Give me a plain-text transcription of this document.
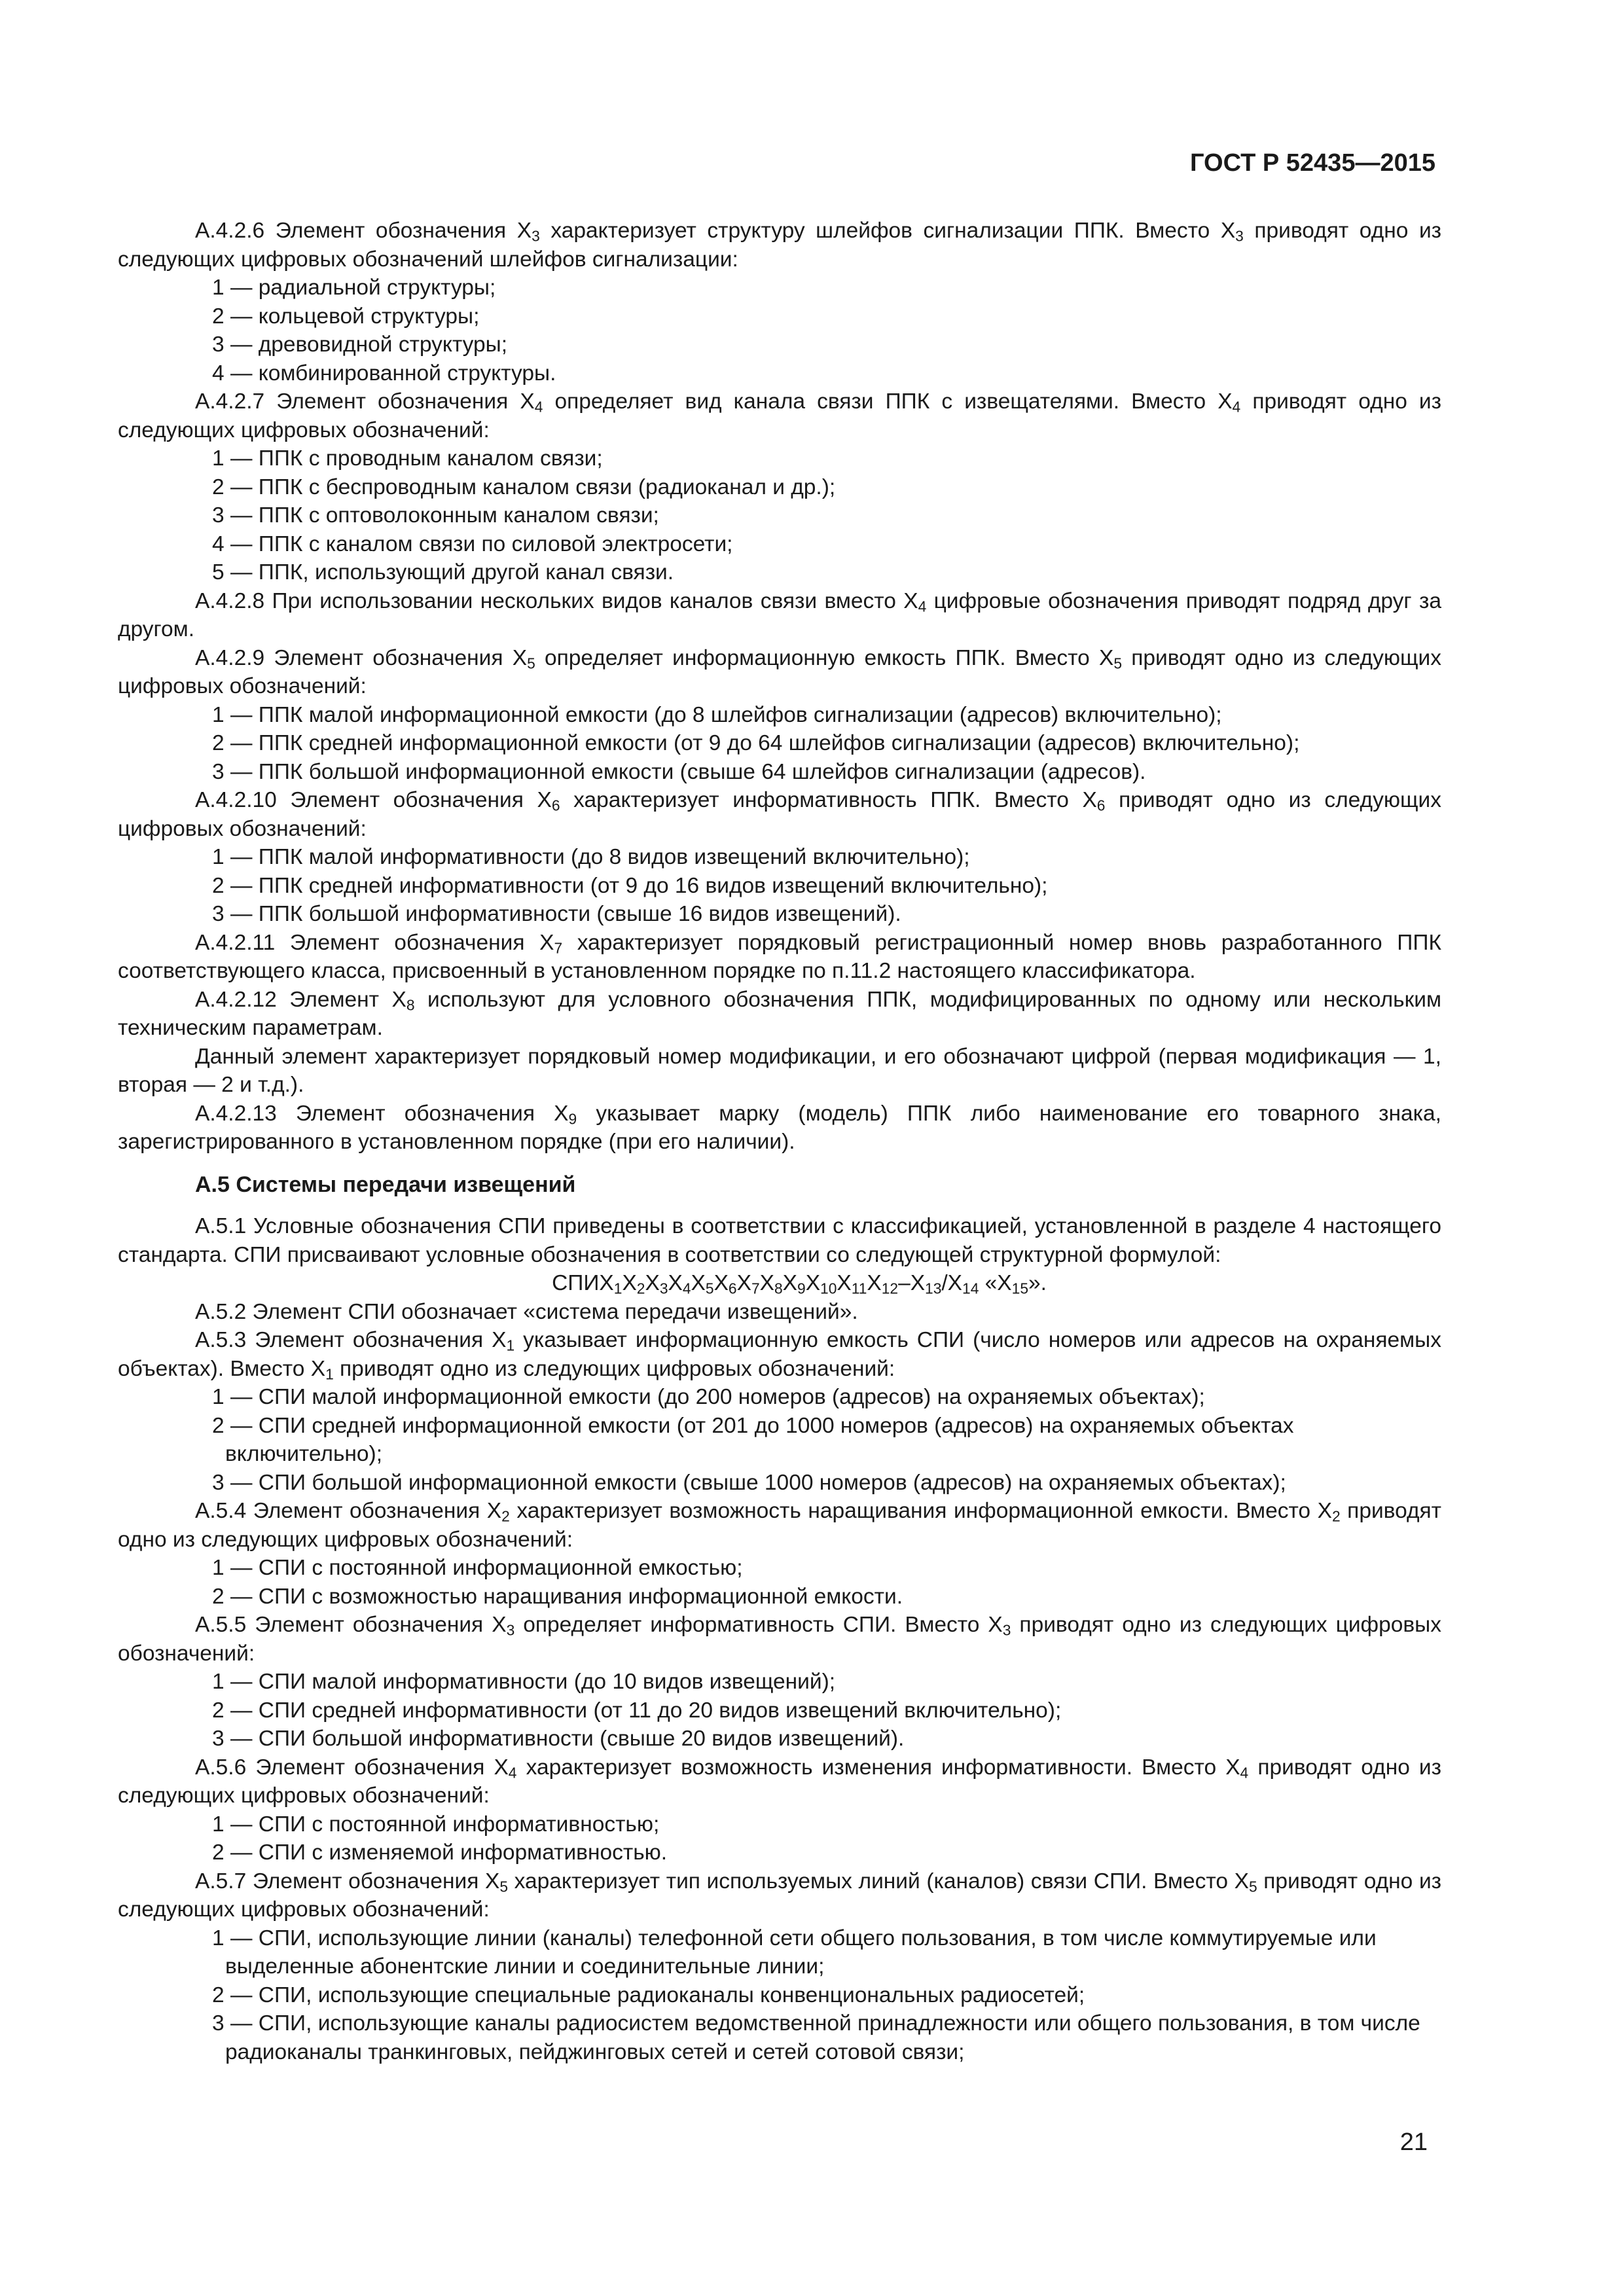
ГОСТ Р 52435—2015
А.4.2.6 Элемент обозначения $X_3$ характеризует структуру шлейфов сигнализации ППК. Вместо $X_3$ приводят одно из следующих цифровых обозначений шлейфов сигнализации:
1 — радиальной структуры;
2 — кольцевой структуры;
3 — древовидной структуры;
4 — комбинированной структуры.
А.4.2.7 Элемент обозначения $X_4$ определяет вид канала связи ППК с извещателями. Вместо $X_4$ приводят одно из следующих цифровых обозначений:
1 — ППК с проводным каналом связи;
2 — ППК с беспроводным каналом связи (радиоканал и др.);
3 — ППК с оптоволоконным каналом связи;
4 — ППК с каналом связи по силовой электросети;
5 — ППК, использующий другой канал связи.
А.4.2.8 При использовании нескольких видов каналов связи вместо $X_4$ цифровые обозначения приводят подряд друг за другом.
А.4.2.9 Элемент обозначения $X_5$ определяет информационную емкость ППК. Вместо $X_5$ приводят одно из следующих цифровых обозначений:
1 — ППК малой информационной емкости (до 8 шлейфов сигнализации (адресов) включительно);
2 — ППК средней информационной емкости (от 9 до 64 шлейфов сигнализации (адресов) включительно);
3 — ППК большой информационной емкости (свыше 64 шлейфов сигнализации (адресов).
А.4.2.10 Элемент обозначения $X_6$ характеризует информативность ППК. Вместо $X_6$ приводят одно из следующих цифровых обозначений:
1 — ППК малой информативности (до 8 видов извещений включительно);
2 — ППК средней информативности (от 9 до 16 видов извещений включительно);
3 — ППК большой информативности (свыше 16 видов извещений).
А.4.2.11 Элемент обозначения $X_7$ характеризует порядковый регистрационный номер вновь разработанного ППК соответствующего класса, присвоенный в установленном порядке по п.11.2 настоящего классификатора.
А.4.2.12 Элемент $X_8$ используют для условного обозначения ППК, модифицированных по одному или нескольким техническим параметрам.
Данный элемент характеризует порядковый номер модификации, и его обозначают цифрой (первая модификация — 1, вторая — 2 и т.д.).
А.4.2.13 Элемент обозначения $X_9$ указывает марку (модель) ППК либо наименование его товарного знака, зарегистрированного в установленном порядке (при его наличии).
А.5 Системы передачи извещений
А.5.1 Условные обозначения СПИ приведены в соответствии с классификацией, установленной в разделе 4 настоящего стандарта. СПИ присваивают условные обозначения в соответствии со следующей структурной формулой:
$СПИX_1X_2X_3X_4X_5X_6X_7X_8X_9X_{10}X_{11}X_{12}-X_{13}/X_{14}$ «$X_{15}$».
А.5.2 Элемент СПИ обозначает «система передачи извещений».
А.5.3 Элемент обозначения $X_1$ указывает информационную емкость СПИ (число номеров или адресов на охраняемых объектах). Вместо $X_1$ приводят одно из следующих цифровых обозначений:
1 — СПИ малой информационной емкости (до 200 номеров (адресов) на охраняемых объектах);
2 — СПИ средней информационной емкости (от 201 до 1000 номеров (адресов) на охраняемых объектах включительно);
3 — СПИ большой информационной емкости (свыше 1000 номеров (адресов) на охраняемых объектах);
А.5.4 Элемент обозначения $X_2$ характеризует возможность наращивания информационной емкости. Вместо $X_2$ приводят одно из следующих цифровых обозначений:
1 — СПИ с постоянной информационной емкостью;
2 — СПИ с возможностью наращивания информационной емкости.
А.5.5 Элемент обозначения $X_3$ определяет информативность СПИ. Вместо $X_3$ приводят одно из следующих цифровых обозначений:
1 — СПИ малой информативности (до 10 видов извещений);
2 — СПИ средней информативности (от 11 до 20 видов извещений включительно);
3 — СПИ большой информативности (свыше 20 видов извещений).
А.5.6 Элемент обозначения $X_4$ характеризует возможность изменения информативности. Вместо $X_4$ приводят одно из следующих цифровых обозначений:
1 — СПИ с постоянной информативностью;
2 — СПИ с изменяемой информативностью.
А.5.7 Элемент обозначения $X_5$ характеризует тип используемых линий (каналов) связи СПИ. Вместо $X_5$ приводят одно из следующих цифровых обозначений:
1 — СПИ, использующие линии (каналы) телефонной сети общего пользования, в том числе коммутируемые или выделенные абонентские линии и соединительные линии;
2 — СПИ, использующие специальные радиоканалы конвенциональных радиосетей;
3 — СПИ, использующие каналы радиосистем ведомственной принадлежности или общего пользования, в том числе радиоканалы транкинговых, пейджинговых сетей и сетей сотовой связи;
21
